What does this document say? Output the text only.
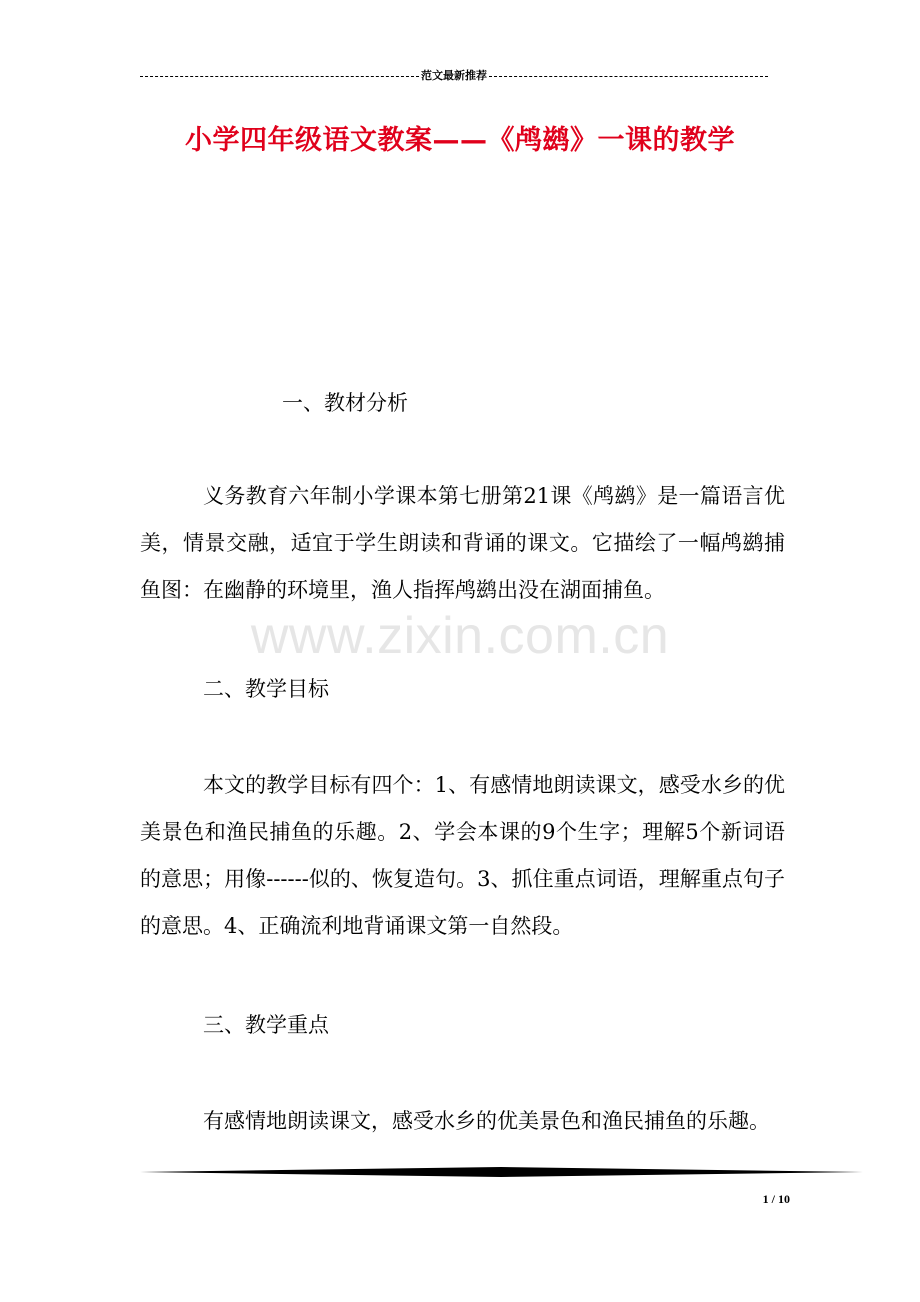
范文最新推荐
小学四年级语文教案——《鸬鹚》一课的教学

一、教材分析

义务教育六年制小学课本第七册第21课《鸬鹚》是一篇语言优美，情景交融，适宜于学生朗读和背诵的课文。它描绘了一幅鸬鹚捕鱼图：在幽静的环境里，渔人指挥鸬鹚出没在湖面捕鱼。

二、教学目标

本文的教学目标有四个：1、有感情地朗读课文，感受水乡的优美景色和渔民捕鱼的乐趣。2、学会本课的9个生字；理解5个新词语的意思；用像------似的、恢复造句。3、抓住重点词语，理解重点句子的意思。4、正确流利地背诵课文第一自然段。

三、教学重点

有感情地朗读课文，感受水乡的优美景色和渔民捕鱼的乐趣。

www.zixin.com.cn
1 / 10
